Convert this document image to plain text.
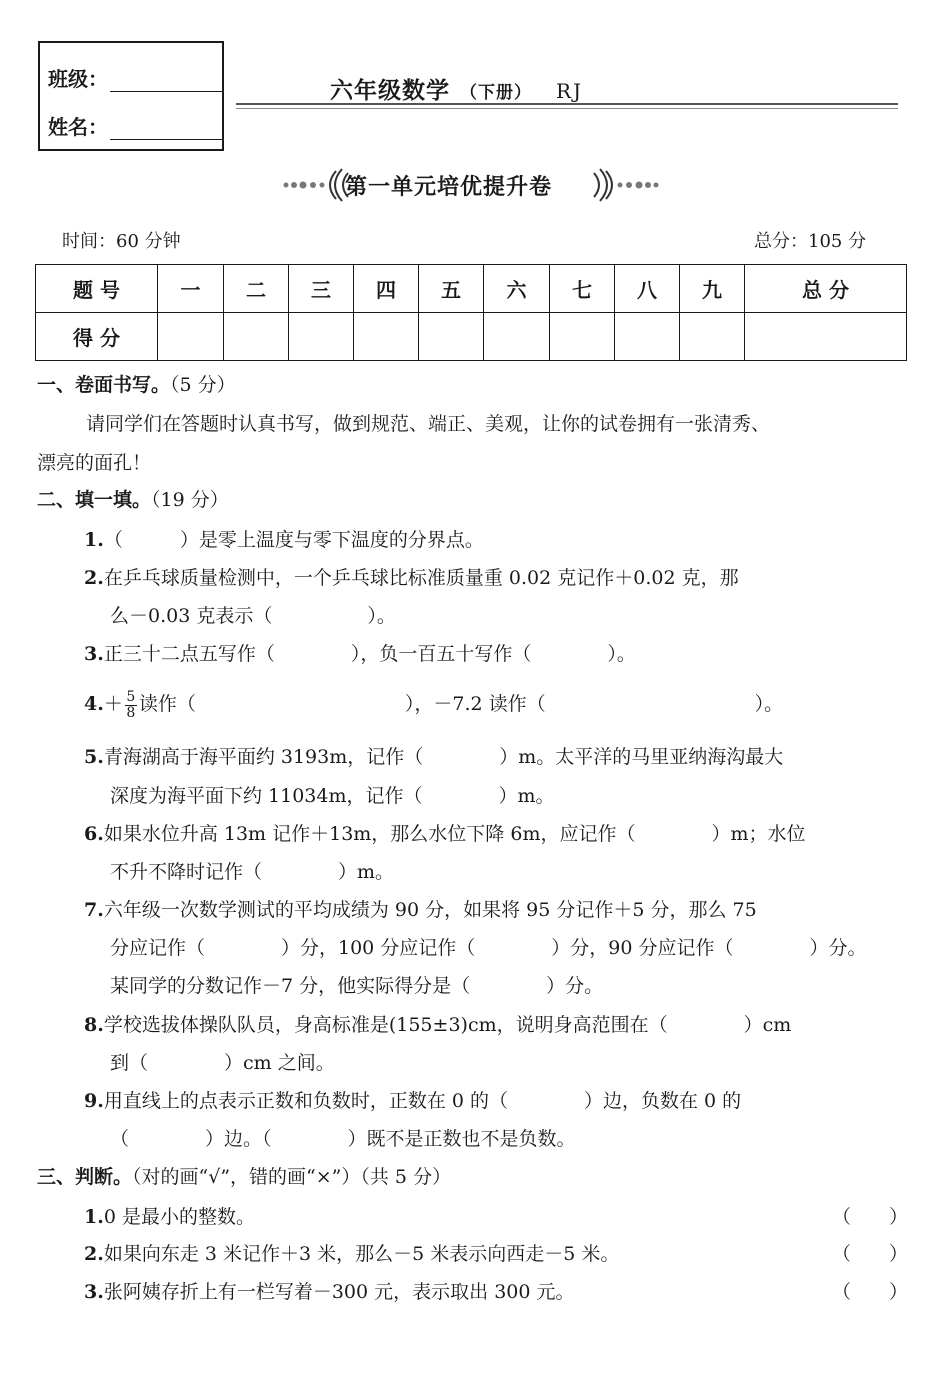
班级：
姓名：
六年级数学 （下册） RJ
第一单元培优提升卷
时间：60 分钟	总分：105 分
题 号	一	二	三	四	五	六	七	八	九	总 分
得 分										
一、卷面书写。（5 分）
请同学们在答题时认真书写，做到规范、端正、美观，让你的试卷拥有一张清秀、
漂亮的面孔！
二、填一填。（19 分）
1.（　　　）是零上温度与零下温度的分界点。
2.在乒乓球质量检测中，一个乒乓球比标准质量重 0.02 克记作＋0.02 克，那
么－0.03 克表示（　　　　　）。
3.正三十二点五写作（　　　　），负一百五十写作（　　　　）。
$4.+ \frac{5}{8}$ 读作（　　　　　　　　　　　），－7.2 读作（　　　　　　　　　　　）。
5.青海湖高于海平面约 3193m，记作（　　　　）m。太平洋的马里亚纳海沟最大
深度为海平面下约 11034m，记作（　　　　）m。
6.如果水位升高 13m 记作＋13m，那么水位下降 6m，应记作（　　　　）m；水位
不升不降时记作（　　　　）m。
7.六年级一次数学测试的平均成绩为 90 分，如果将 95 分记作＋5 分，那么 75
分应记作（　　　　）分，100 分应记作（　　　　）分，90 分应记作（　　　　）分。
某同学的分数记作－7 分，他实际得分是（　　　　）分。
8.学校选拔体操队队员，身高标准是(155±3)cm，说明身高范围在（　　　　）cm
到（　　　　）cm 之间。
9.用直线上的点表示正数和负数时，正数在 0 的（　　　　）边，负数在 0 的
（　　　　）边。（　　　　）既不是正数也不是负数。
三、判断。（对的画“√”，错的画“×”）（共 5 分）
1.0 是最小的整数。	（　　）
2.如果向东走 3 米记作＋3 米，那么－5 米表示向西走－5 米。	（　　）
3.张阿姨存折上有一栏写着－300 元，表示取出 300 元。	（　　）
